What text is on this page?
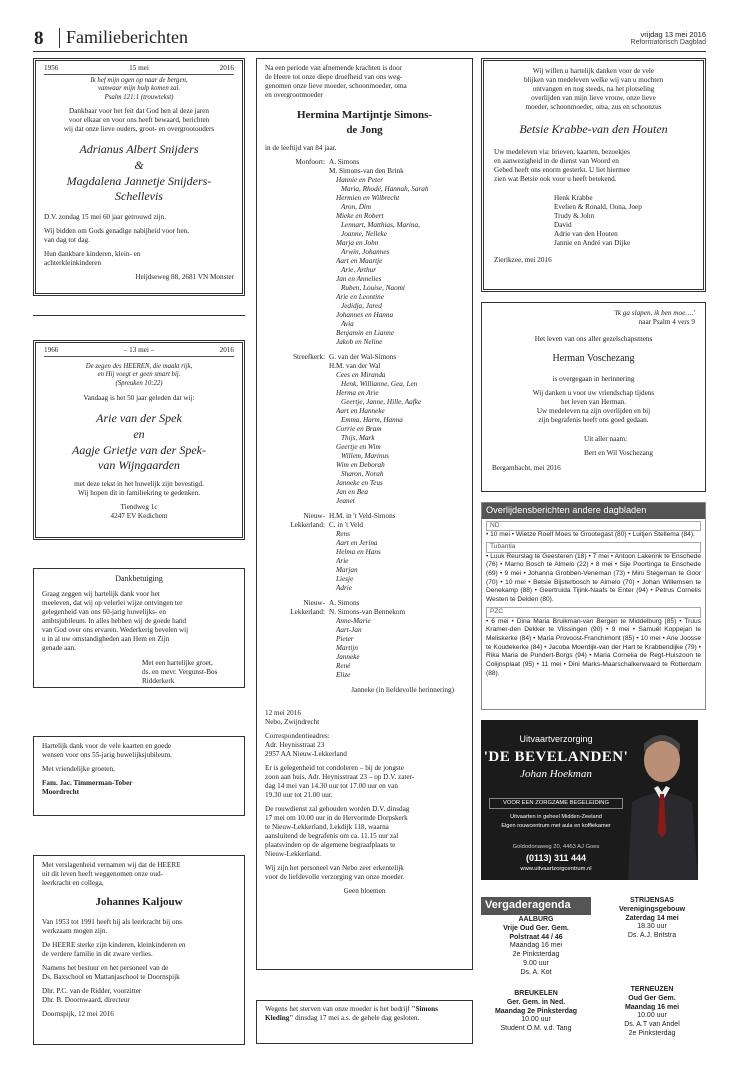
8 Familieberichten	vrijdag 13 mei 2016
Reformatorisch Dagblad
1956	15 mei	2016
Ik hef mijn ogen op naar de bergen,
vanwaar mijn hulp komen zal.
Psalm 121:1 (trouwtekst)
Dankbaar voor het feit dat God hen al deze jaren
voor elkaar en voor ons heeft bewaard, berichten
wij dat onze lieve ouders, groot- en overgrootouders
Adrianus Albert Snijders
&
Magdalena Jannetje Snijders-
Schellevis
D.V. zondag 15 mei 60 jaar getrouwd zijn.
Wij bidden om Gods genadige nabijheid voor hen,
van dag tot dag.
Hun dankbare kinderen, klein- en
achterkleinkinderen
Heijdseweg 88, 2681 VN Monster
1966	– 13 mei –	2016
De zegen des HEEREN, die maakt rijk,
en Hij voegt er geen smart bij.
(Spreuken 10:22)
Vandaag is het 50 jaar geleden dat wij:
Arie van der Spek
en
Aagje Grietje van der Spek-
van Wijngaarden
met deze tekst in het huwelijk zijn bevestigd.
Wij hopen dit in familiekring te gedenken.
Tiendweg 1c
4247 EV Kedichem
Dankbetuiging
Graag zeggen wij hartelijk dank voor het
meeleven, dat wij op velerlei wijze ontvingen ter
gelegenheid van ons 60-jarig huwelijks- en
ambtsjubileum. In alles hebben wij de goede hand
van God over ons ervaren. Wederkerig bevelen wij
u in al uw omstandigheden aan Hem en Zijn
genade aan.
Met een hartelijke groet,
ds. en mevr. Vergunst-Bos
Ridderkerk
Hartelijk dank voor de vele kaarten en goede
wensen voor ons 55-jarig huwelijksjubileum.
Met vriendelijke groeten,
Fam. Jac. Timmerman-Tober
Moordrecht
Met verslagenheid vernamen wij dat de HEERE
uit dit leven heeft weggenomen onze oud-
leerkracht en collega,
Johannes Kaljouw
Van 1953 tot 1991 heeft hij als leerkracht bij ons
werkzaam mogen zijn.
De HEERE sterke zijn kinderen, kleinkinderen en
de verdere familie in dit zware verlies.
Namens het bestuur en het personeel van de
Ds. Baxschool en Mattanjaschool te Doornspijk
Dhr. P.C. van de Ridder, voorzitter
Dhr. B. Doornwaard, directeur
Doornspijk, 12 mei 2016
Na een periode van afnemende krachten is door
de Heere tot onze diepe droefheid van ons weg-
genomen onze lieve moeder, schoonmoeder, oma
en overgrootmoeder
Hermina Martijntje Simons-
de Jong
in de leeftijd van 84 jaar.
Monfoort: A. Simons
M. Simons-van den Brink
Hannie en Peter
Maria, Rhodé, Hannah, Sarah
Hermien en Wilbrecht
Aron, Dim
Mieke en Robert
Lennart, Matthias, Marina,
Joanne, Nelleke
Marja en John
Arwin, Johannes
Aart en Maartje
Arie, Arthur
Jan en Annelies
Ruben, Louise, Naomi
Arie en Leontine
Jedidja, Jared
Johannes en Hanna
Avia
Benjamin en Lianne
Jakob en Neline
Streefkerk: G. van der Wal-Simons
H.M. van der Wal
Cees en Miranda
Henk, Willianne, Gea, Len
Herma en Arie
Geertje, Janne, Hille, Aafke
Aart en Hanneke
Emma, Harm, Hanna
Corrie en Bram
Thijs, Mark
Geertje en Wim
Willem, Marinus
Wim en Deborah
Sharon, Norah
Janneke en Teus
Jan en Bea
Jeanet
Nieuw-
Lekkerland:
H.M. in 't Veld-Simons
C. in 't Veld
Rens
Aart en Jerina
Helma en Hans
Arie
Marjan
Liesje
Adrie
Nieuw-
Lekkerland:
A. Simons
N. Simons-van Bennekom
Anne-Marie
Aart-Jan
Pieter
Martijn
Janneke
René
Elize
Janneke (in liefdevolle herinnering)
12 mei 2016
Nebo, Zwijndrecht
Correspondentieadres:
Adr. Heynisstraat 23
2957 AA Nieuw-Lekkerland
Er is gelegenheid tot condoleren – bij de jongste
zoon aan huis, Adr. Heynisstraat 23 – op D.V. zater-
dag 14 mei van 14.30 uur tot 17.00 uur en van
19.30 uur tot 21.00 uur.
De rouwdienst zal gehouden worden D.V. dinsdag
17 mei om 10.00 uur in de Hervormde Dorpskerk
te Nieuw-Lekkerland, Lekdijk 118, waarna
aansluitend de begrafenis om ca. 11.15 uur zal
plaatsvinden op de algemene begraafplaats te
Nieuw-Lekkerland.
Wij zijn het personeel van Nebo zeer erkentelijk
voor de liefdevolle verzorging van onze moeder.
Geen bloemen
Wegens het sterven van onze moeder is het bedrijf "Simons Kleding" dinsdag 17 mei a.s. de gehele dag gesloten.
Wij willen u hartelijk danken voor de vele
blijken van medeleven welke wij van u mochten
ontvangen en nog steeds, na het plotseling
overlijden van mijn lieve vrouw, onze lieve
moeder, schoonmoeder, oma, zus en schoonzus
Betsie Krabbe-van den Houten
Uw medeleven via: brieven, kaarten, bezoekjes
en aanwezigheid in de dienst van Woord en
Gebed heeft ons enorm gesterkt. U liet hiermee
zien wat Betsie ook voor u heeft betekend.
Henk Krabbe
Evelien & Ronald, Oona, Joep
Trudy & John
David
Adrie van den Houten
Jannie en André van Dijke
Zierikzee, mei 2016
'Ik ga slapen, ik ben moe….'
naar Psalm 4 vers 9
Het leven van ons aller gezelschapsmens
Herman Voschezang
is overgegaan in herinnering
Wij danken u voor uw vriendschap tijdens
het leven van Herman.
Uw medeleven na zijn overlijden en bij
zijn begrafenis heeft ons goed gedaan.
Uit aller naam:
Bert en Wil Voschezang
Bergambacht, mei 2016
Overlijdensberichten andere dagbladen
ND
• 10 mei • Wietze Roelf Moes te Grootegast (80) • Luitjen Stellema (84).
Tubantia
• Luuk Reurslag te Geesteren (18) • 7 mei • Antoon Lakerink te Enschede (76) • Marno Bosch te Almelo (22) • 8 mei • Sije Poortinga te Enschede (69) • 9 mei • Johanna Grobben-Veneman (73) • Mini Stegeman te Goor (70) • 10 mei • Betsie Bijsterbosch te Almelo (70) • Johan Willemsen te Denekamp (88) • Geertruida Tijink-Naafs te Enter (94) • Petrus Cornelis Westen te Delden (80).
PZC
• 6 mei • Dina Maria Bruikman-van Bergen te Middelburg (85) • Truus Kramer-den Dekker te Vlissingen (90) • 9 mei • Samuël Koppejan te Meliskerke (84) • Maria Provoost-Franchimont (85) • 10 mei • Arie Joosse te Koudekerke (84) • Jacoba Moerdijk-van der Hart te Krabbendijke (79) • Rika Maria de Pundert-Borgs (94) • Maria Cornelia de Regt-Huiszoon te Colijnsplaat (95) • 11 mei • Dini Marks-Maarschalkerwaard te Rotterdam (88).
Uitvaartverzorging
'DE BEVELANDEN'
Johan Hoekman
VOOR EEN ZORGZAME BEGELEIDING
Uitvaarten in geheel Midden-Zeeland
Eigen rouwcentrum met aula en koffiekamer
Goldodonaweg 20, 4463 AJ Goes
(0113) 311 444
www.uitvaartzorgcentrum.nl
Vergaderagenda
AALBURG
Vrije Oud Ger. Gem.
Polstraat 44 / 46
Maandag 16 mei
2e Pinksterdag
9.00 uur
Ds. A. Kot
BREUKELEN
Ger. Gem. in Ned.
Maandag 2e Pinksterdag
10.00 uur
Student O.M. v.d. Tang
STRIJENSAS
Verenigingsgebouw
Zaterdag 14 mei
18.30 uur
Ds. A.J. Britstra
TERNEUZEN
Oud Ger Gem.
Maandag 16 mei
10.00 uur
Ds. A.T van Andel
2e Pinksterdag
